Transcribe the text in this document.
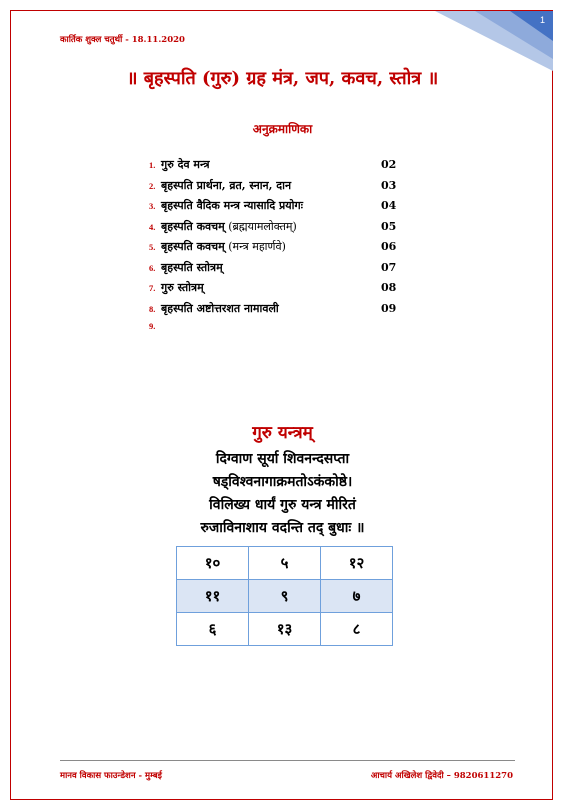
1
कार्तिक शुक्ल चतुर्थी - 18.11.2020
॥ बृहस्पति (गुरु) ग्रह मंत्र, जप, कवच, स्तोत्र ॥
अनुक्रमाणिका
1. गुरु देव मन्त्र	02
2. बृहस्पति प्रार्थना, व्रत, स्नान, दान	03
3. बृहस्पति वैदिक मन्त्र न्यासादि प्रयोगः	04
4. बृहस्पति कवचम् (ब्रह्मयामलोक्तम्)	05
5. बृहस्पति कवचम् (मन्त्र महार्णवे)	06
6. बृहस्पति स्तोत्रम्	07
7. गुरु स्तोत्रम्	08
8. बृहस्पति अष्टोत्तरशत नामावली	09
9.
गुरु यन्त्रम्
दिग्वाण सूर्या शिवनन्दसप्ता
षड्विश्वनागाक्रमतोऽकंकोष्ठे।
विलिख्य धार्यं गुरु यन्त्र मीरितं
रुजाविनाशाय वदन्ति तद् बुधाः ॥
१०	५	१२
११	९	७
६	१३	८
मानव विकास फाउन्डेशन - मुम्बई	आचार्य अखिलेश द्विवेदी – 9820611270
